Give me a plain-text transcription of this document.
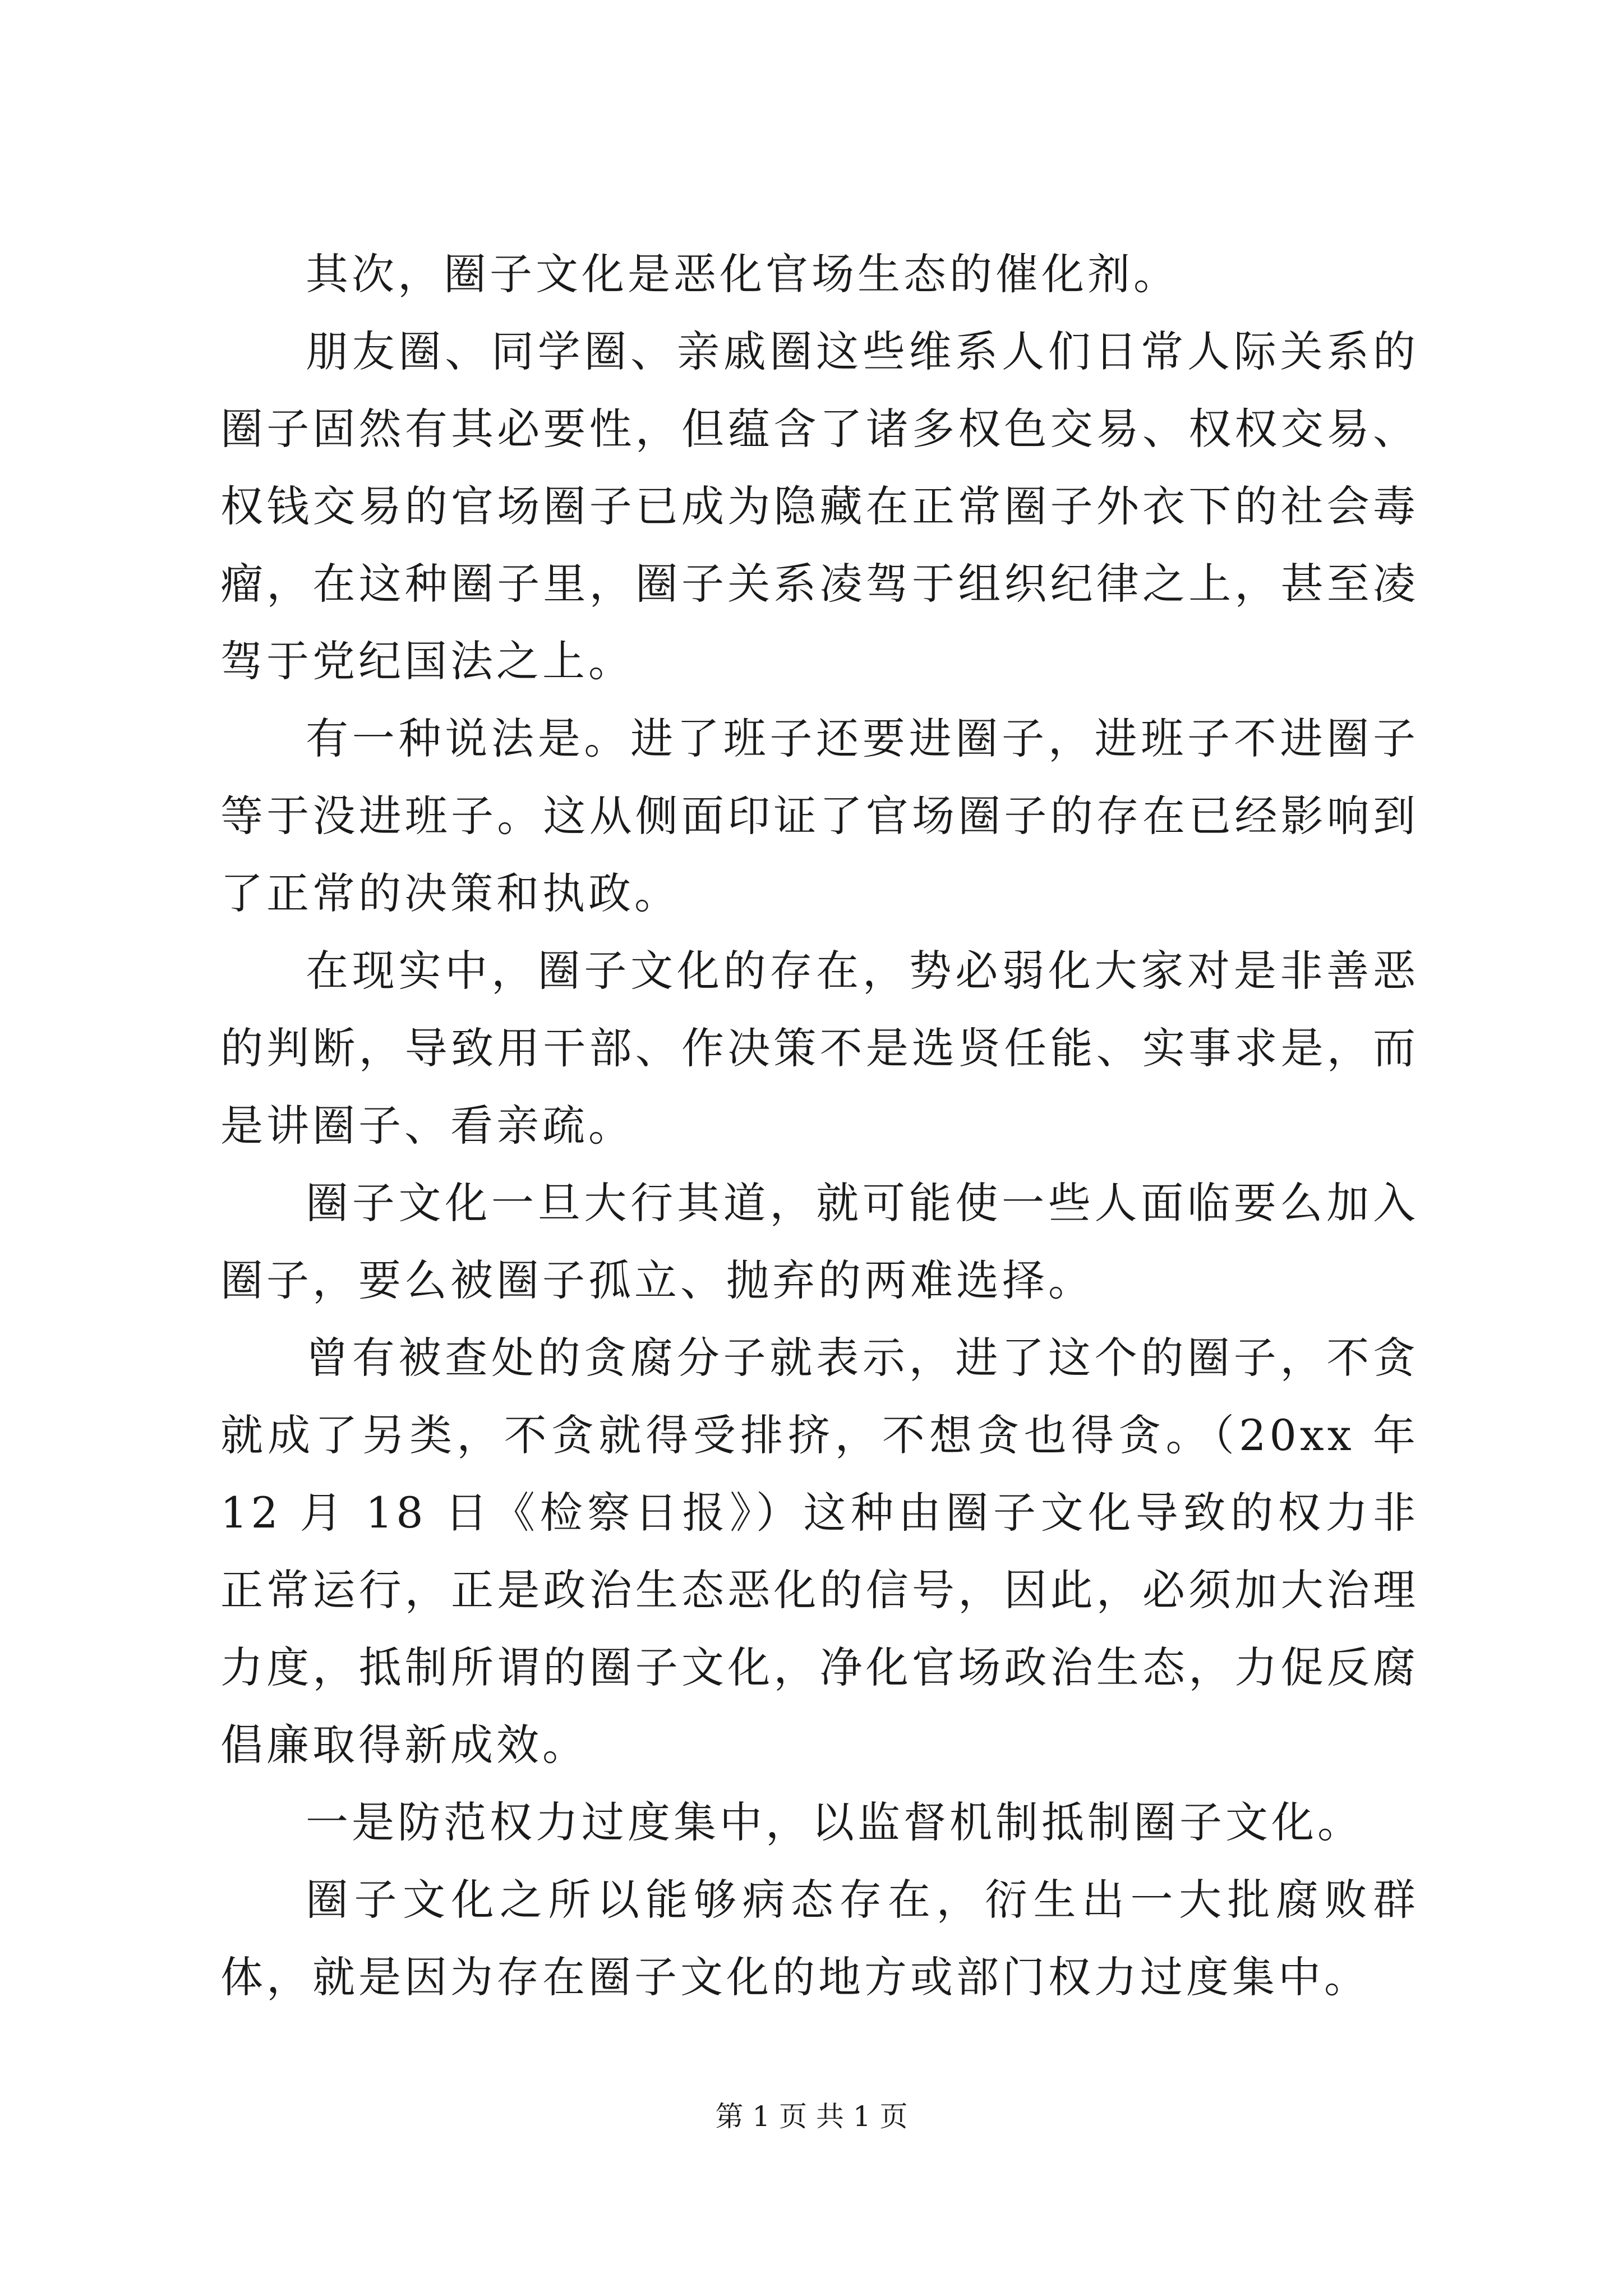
其次，圈子文化是恶化官场生态的催化剂。

朋友圈、同学圈、亲戚圈这些维系人们日常人际关系的圈子固然有其必要性，但蕴含了诸多权色交易、权权交易、权钱交易的官场圈子已成为隐藏在正常圈子外衣下的社会毒瘤，在这种圈子里，圈子关系凌驾于组织纪律之上，甚至凌驾于党纪国法之上。

有一种说法是。进了班子还要进圈子，进班子不进圈子等于没进班子。这从侧面印证了官场圈子的存在已经影响到了正常的决策和执政。

在现实中，圈子文化的存在，势必弱化大家对是非善恶的判断，导致用干部、作决策不是选贤任能、实事求是，而是讲圈子、看亲疏。

圈子文化一旦大行其道，就可能使一些人面临要么加入圈子，要么被圈子孤立、抛弃的两难选择。

曾有被查处的贪腐分子就表示，进了这个的圈子，不贪就成了另类，不贪就得受排挤，不想贪也得贪。（20xx 年 12 月 18 日《检察日报》）这种由圈子文化导致的权力非正常运行，正是政治生态恶化的信号，因此，必须加大治理力度，抵制所谓的圈子文化，净化官场政治生态，力促反腐倡廉取得新成效。

一是防范权力过度集中，以监督机制抵制圈子文化。

圈子文化之所以能够病态存在，衍生出一大批腐败群体，就是因为存在圈子文化的地方或部门权力过度集中。

第 1 页 共 1 页
